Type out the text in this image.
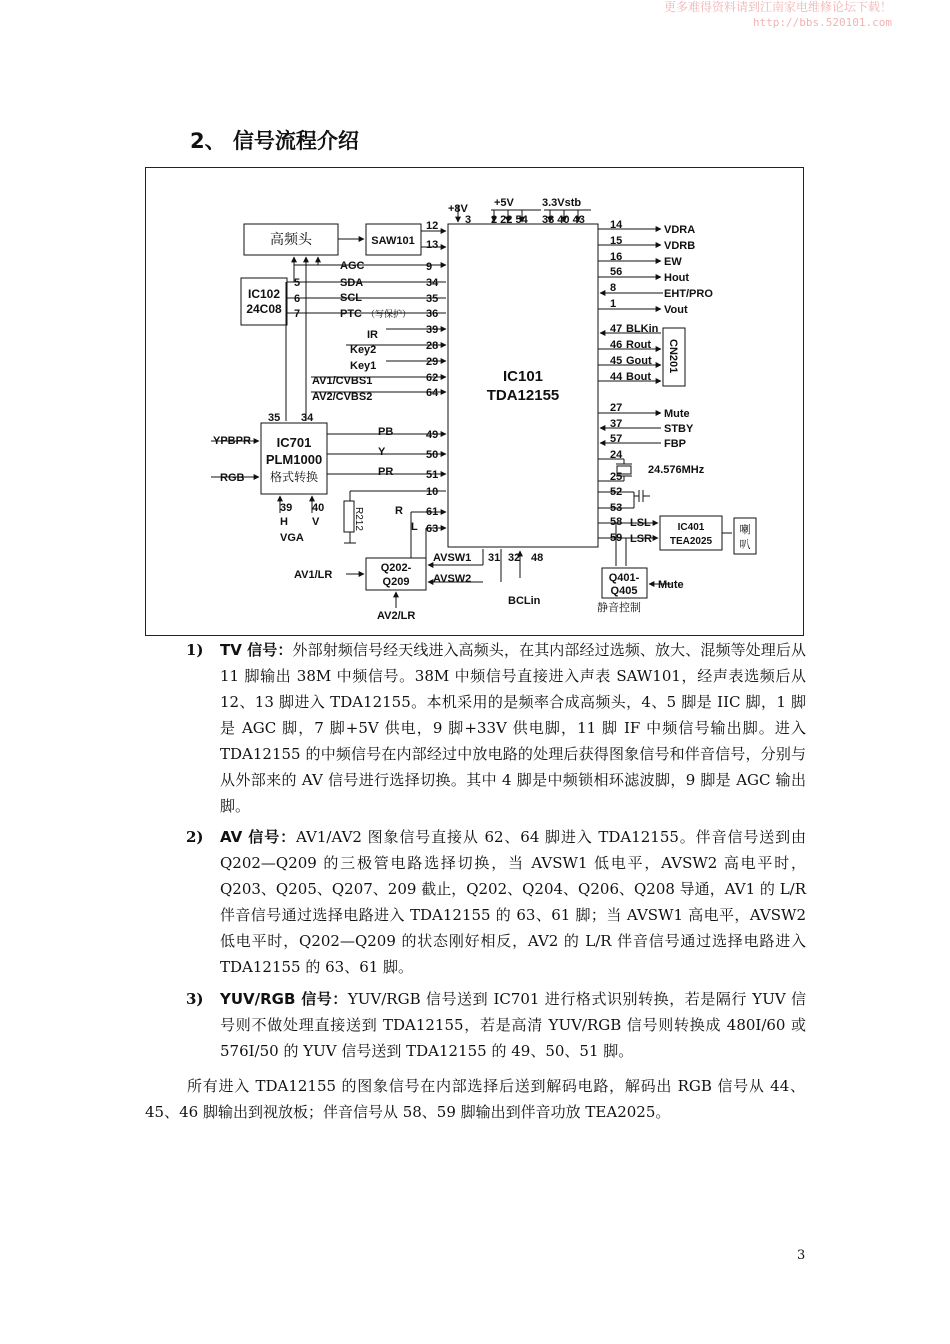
更多难得资料请到江南家电维修论坛下载！
http://bbs.520101.com
2、 信号流程介绍
高频头	SAW101
IC102
24C08
IC101
TDA12155
IC701
PLM1000
格式转换
Q202-
Q209
IC401
TEA2025
喇
叭
Q401-
Q405
CN201
R212
+8V
3
+5V
2 22 54
3.3Vstb
33 40 43
12
13
AGC	9
SDA	34
SCL	35
PTC （写保护） 36
IR	39
Key2	28
Key1	29
AV1/CVBS1	62
AV2/CVBS2	64
5
6
7
35 34
PB	49
Y	50
PR	51
10
R 61
L 63
YPBPR
RGB
39 40
H V
VGA
31 32 48
BCLin
AVSW1
AVSW2
AV1/LR
AV2/LR
14	VDRA
15	VDRB
16	EW
56	Hout
8	EHT/PRO
1	Vout
47 BLKin
46 Rout
45 Gout
44 Bout
27	Mute
37	STBY
57	FBP
24
25
24.576MHz
52
53
58 LSL
59 LSR
Mute
静音控制
1) TV 信号：外部射频信号经天线进入高频头，在其内部经过选频、放大、混频等处理后从 11 脚输出 38M 中频信号。38M 中频信号直接进入声表 SAW101，经声表选频后从 12、13 脚进入 TDA12155。本机采用的是频率合成高频头，4、5 脚是 IIC 脚，1 脚是 AGC 脚，7 脚+5V 供电，9 脚+33V 供电脚，11 脚 IF 中频信号输出脚。进入 TDA12155 的中频信号在内部经过中放电路的处理后获得图象信号和伴音信号，分别与从外部来的 AV 信号进行选择切换。其中 4 脚是中频锁相环滤波脚，9 脚是 AGC 输出脚。
2) AV 信号：AV1/AV2 图象信号直接从 62、64 脚进入 TDA12155。伴音信号送到由 Q202—Q209 的三极管电路选择切换，当 AVSW1 低电平，AVSW2 高电平时，Q203、Q205、Q207、209 截止，Q202、Q204、Q206、Q208 导通，AV1 的 L/R 伴音信号通过选择电路进入 TDA12155 的 63、61 脚；当 AVSW1 高电平，AVSW2 低电平时，Q202—Q209 的状态刚好相反，AV2 的 L/R 伴音信号通过选择电路进入 TDA12155 的 63、61 脚。
3) YUV/RGB 信号：YUV/RGB 信号送到 IC701 进行格式识别转换，若是隔行 YUV 信号则不做处理直接送到 TDA12155，若是高清 YUV/RGB 信号则转换成 480I/60 或 576I/50 的 YUV 信号送到 TDA12155 的 49、50、51 脚。
所有进入 TDA12155 的图象信号在内部选择后送到解码电路，解码出 RGB 信号从 44、45、46 脚输出到视放板；伴音信号从 58、59 脚输出到伴音功放 TEA2025。
3
